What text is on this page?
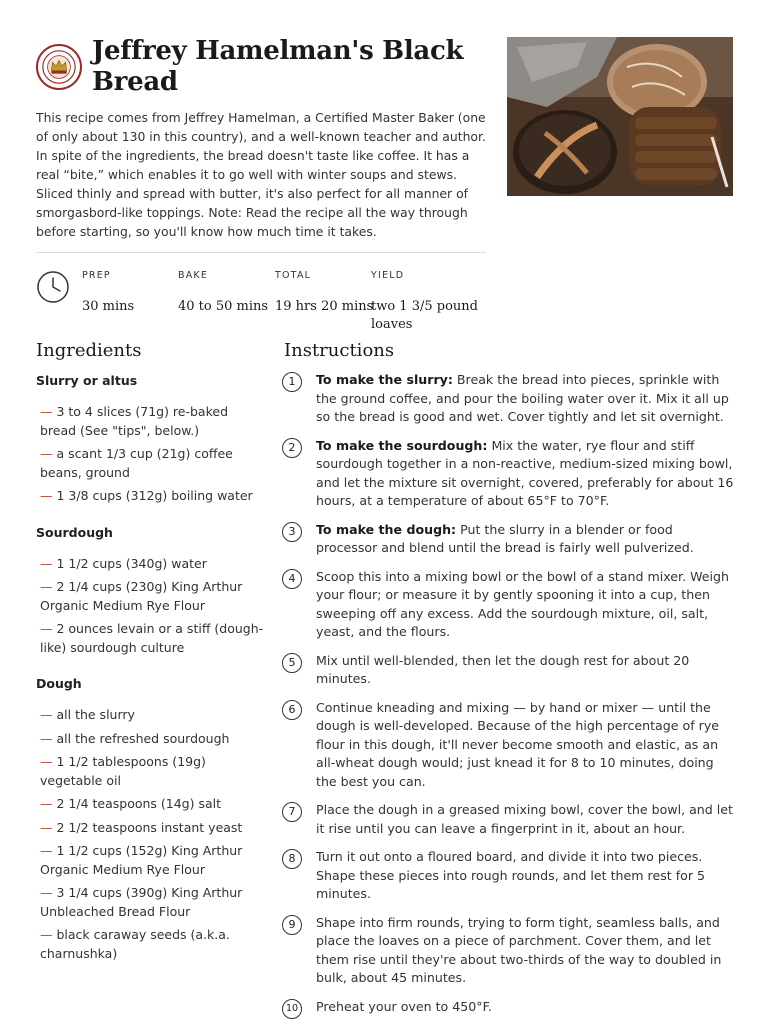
Jeffrey Hamelman's Black Bread

This recipe comes from Jeffrey Hamelman, a Certified Master Baker (one of only about 130 in this country), and a well-known teacher and author. In spite of the ingredients, the bread doesn't taste like coffee. It has a real “bite,” which enables it to go well with winter soups and stews. Sliced thinly and spread with butter, it's also perfect for all manner of smorgasbord-like toppings. Note: Read the recipe all the way through before starting, so you'll know how much time it takes.

PREP
30 mins
BAKE
40 to 50 mins
TOTAL
19 hrs 20 mins
YIELD
two 1 3/5 pound loaves
Ingredients	Instructions
Slurry or altus
— 3 to 4 slices (71g) re-baked bread (See "tips", below.)
— a scant 1/3 cup (21g) coffee beans, ground
— 1 3/8 cups (312g) boiling water
Sourdough
— 1 1/2 cups (340g) water
— 2 1/4 cups (230g) King Arthur Organic Medium Rye Flour
— 2 ounces levain or a stiff (dough-like) sourdough culture
Dough
— all the slurry
— all the refreshed sourdough
— 1 1/2 tablespoons (19g) vegetable oil
— 2 1/4 teaspoons (14g) salt
— 2 1/2 teaspoons instant yeast
— 1 1/2 cups (152g) King Arthur Organic Medium Rye Flour
— 3 1/4 cups (390g) King Arthur Unbleached Bread Flour
— black caraway seeds (a.k.a. charnushka)
1	To make the slurry: Break the bread into pieces, sprinkle with the ground coffee, and pour the boiling water over it. Mix it all up so the bread is good and wet. Cover tightly and let sit overnight.
2	To make the sourdough: Mix the water, rye flour and stiff sourdough together in a non-reactive, medium-sized mixing bowl, and let the mixture sit overnight, covered, preferably for about 16 hours, at a temperature of about 65°F to 70°F.
3	To make the dough: Put the slurry in a blender or food processor and blend until the bread is fairly well pulverized.
4	Scoop this into a mixing bowl or the bowl of a stand mixer. Weigh your flour; or measure it by gently spooning it into a cup, then sweeping off any excess. Add the sourdough mixture, oil, salt, yeast, and the flours.
5	Mix until well-blended, then let the dough rest for about 20 minutes.
6	Continue kneading and mixing — by hand or mixer — until the dough is well-developed. Because of the high percentage of rye flour in this dough, it'll never become smooth and elastic, as an all-wheat dough would; just knead it for 8 to 10 minutes, doing the best you can.
7	Place the dough in a greased mixing bowl, cover the bowl, and let it rise until you can leave a fingerprint in it, about an hour.
8	Turn it out onto a floured board, and divide it into two pieces. Shape these pieces into rough rounds, and let them rest for 5 minutes.
9	Shape into firm rounds, trying to form tight, seamless balls, and place the loaves on a piece of parchment. Cover them, and let them rise until they're about two-thirds of the way to doubled in bulk, about 45 minutes.
10	Preheat your oven to 450°F.
